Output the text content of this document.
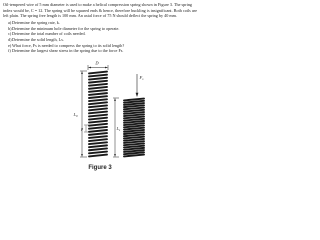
Oil-tempered wire of 5 mm diameter is used to make a helical compression spring shown in Figure 3. The spring index would be, C = 12. The spring will be squared ends & hence, therefore buckling is insignificant. Both coils are left plain. The spring free length is 100 mm. An axial force of 75 N should deflect the spring by 40 mm.

a)Determine the spring rate, k.
b)Determine the minimum hole diameter for the spring to operate.
c)Determine the total number of coils needed.
d)Determine the solid length, Ls.
e)What force, Fs is needed to compress the spring to its solid length?
f)Determine the largest shear stress in the spring due to the force Fs.
D
$L_0$
p
$F_s$
$L_s$
Figure 3
